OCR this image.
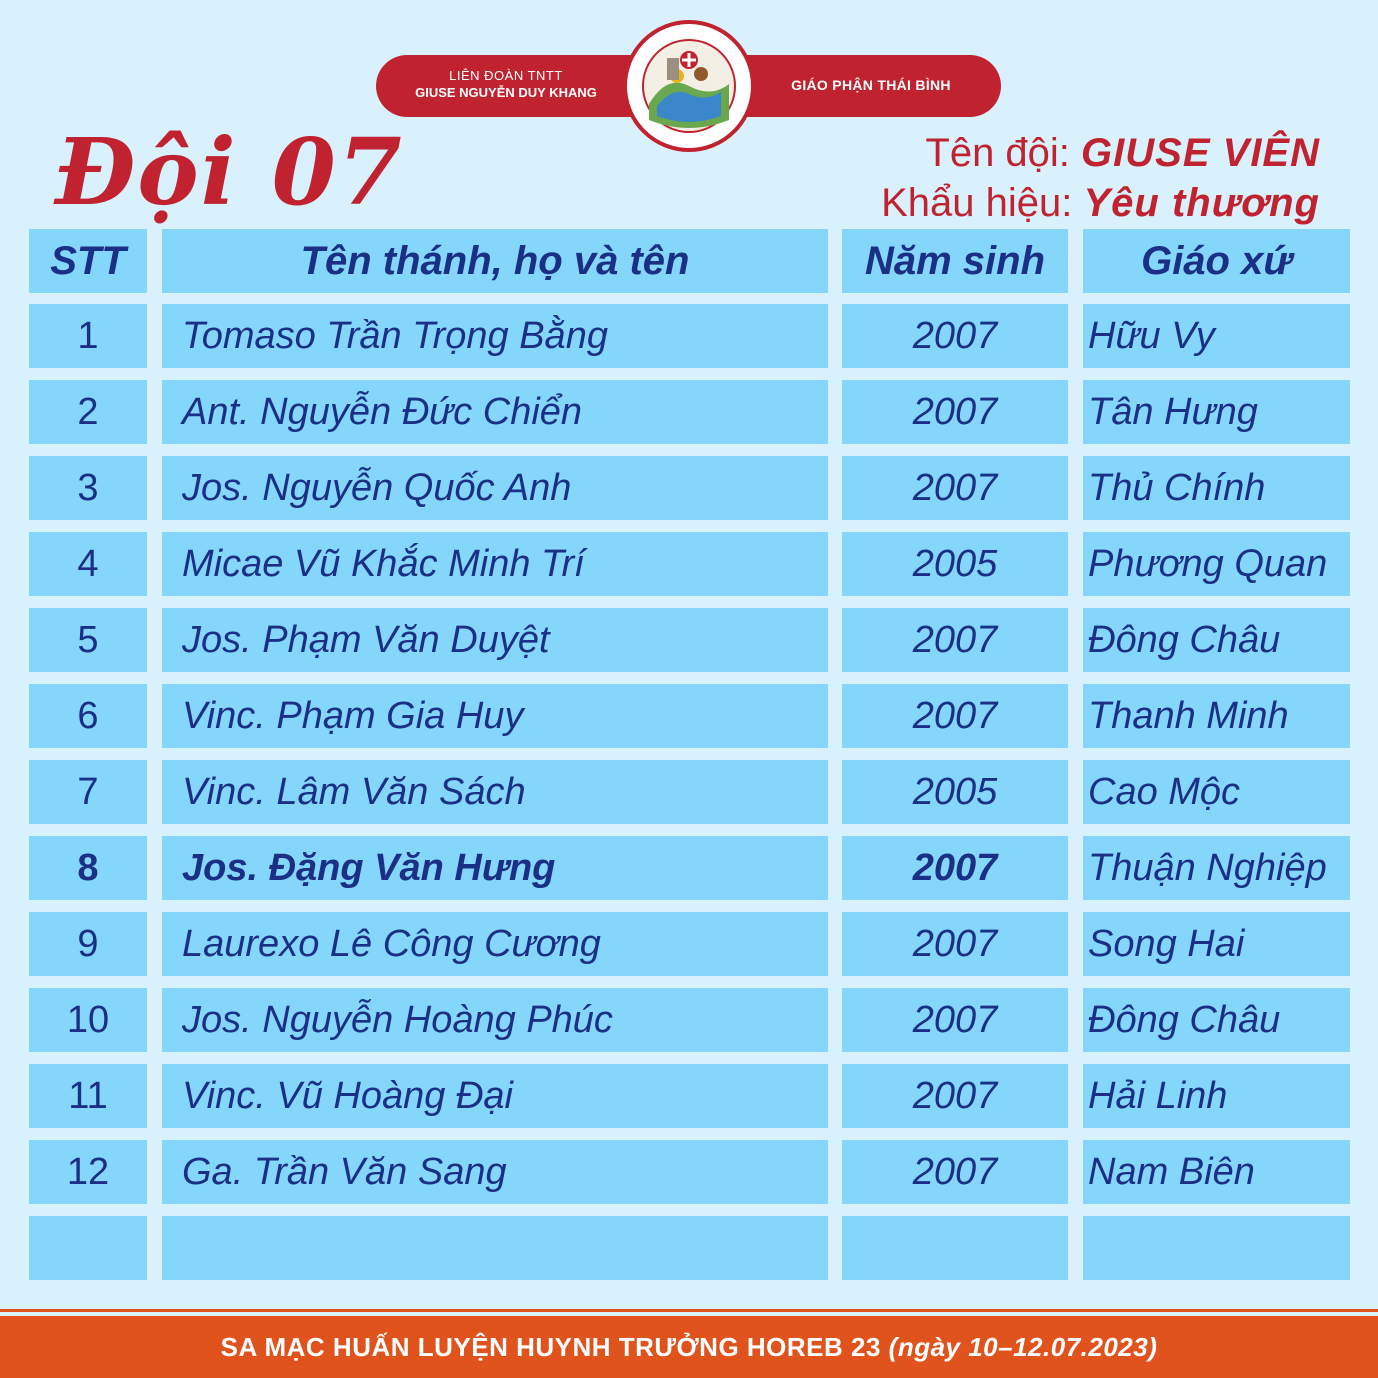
LIÊN ĐOÀN TNTT
GIUSE NGUYỄN DUY KHANG	GIÁO PHẬN THÁI BÌNH
Đội 07	Tên đội: GIUSE VIÊN
Khẩu hiệu: Yêu thương
STT	Tên thánh, họ và tên	Năm sinh	Giáo xứ
1	Tomaso Trần Trọng Bằng	2007	Hữu Vy
2	Ant. Nguyễn Đức Chiển	2007	Tân Hưng
3	Jos. Nguyễn Quốc Anh	2007	Thủ Chính
4	Micae Vũ Khắc Minh Trí	2005	Phương Quan
5	Jos. Phạm Văn Duyệt	2007	Đông Châu
6	Vinc. Phạm Gia Huy	2007	Thanh Minh
7	Vinc. Lâm Văn Sách	2005	Cao Mộc
8	Jos. Đặng Văn Hưng	2007	Thuận Nghiệp
9	Laurexo Lê Công Cương	2007	Song Hai
10	Jos. Nguyễn Hoàng Phúc	2007	Đông Châu
11	Vinc. Vũ Hoàng Đại	2007	Hải Linh
12	Ga. Trần Văn Sang	2007	Nam Biên
SA MẠC HUẤN LUYỆN HUYNH TRƯỞNG HOREB 23 (ngày 10–12.07.2023)
